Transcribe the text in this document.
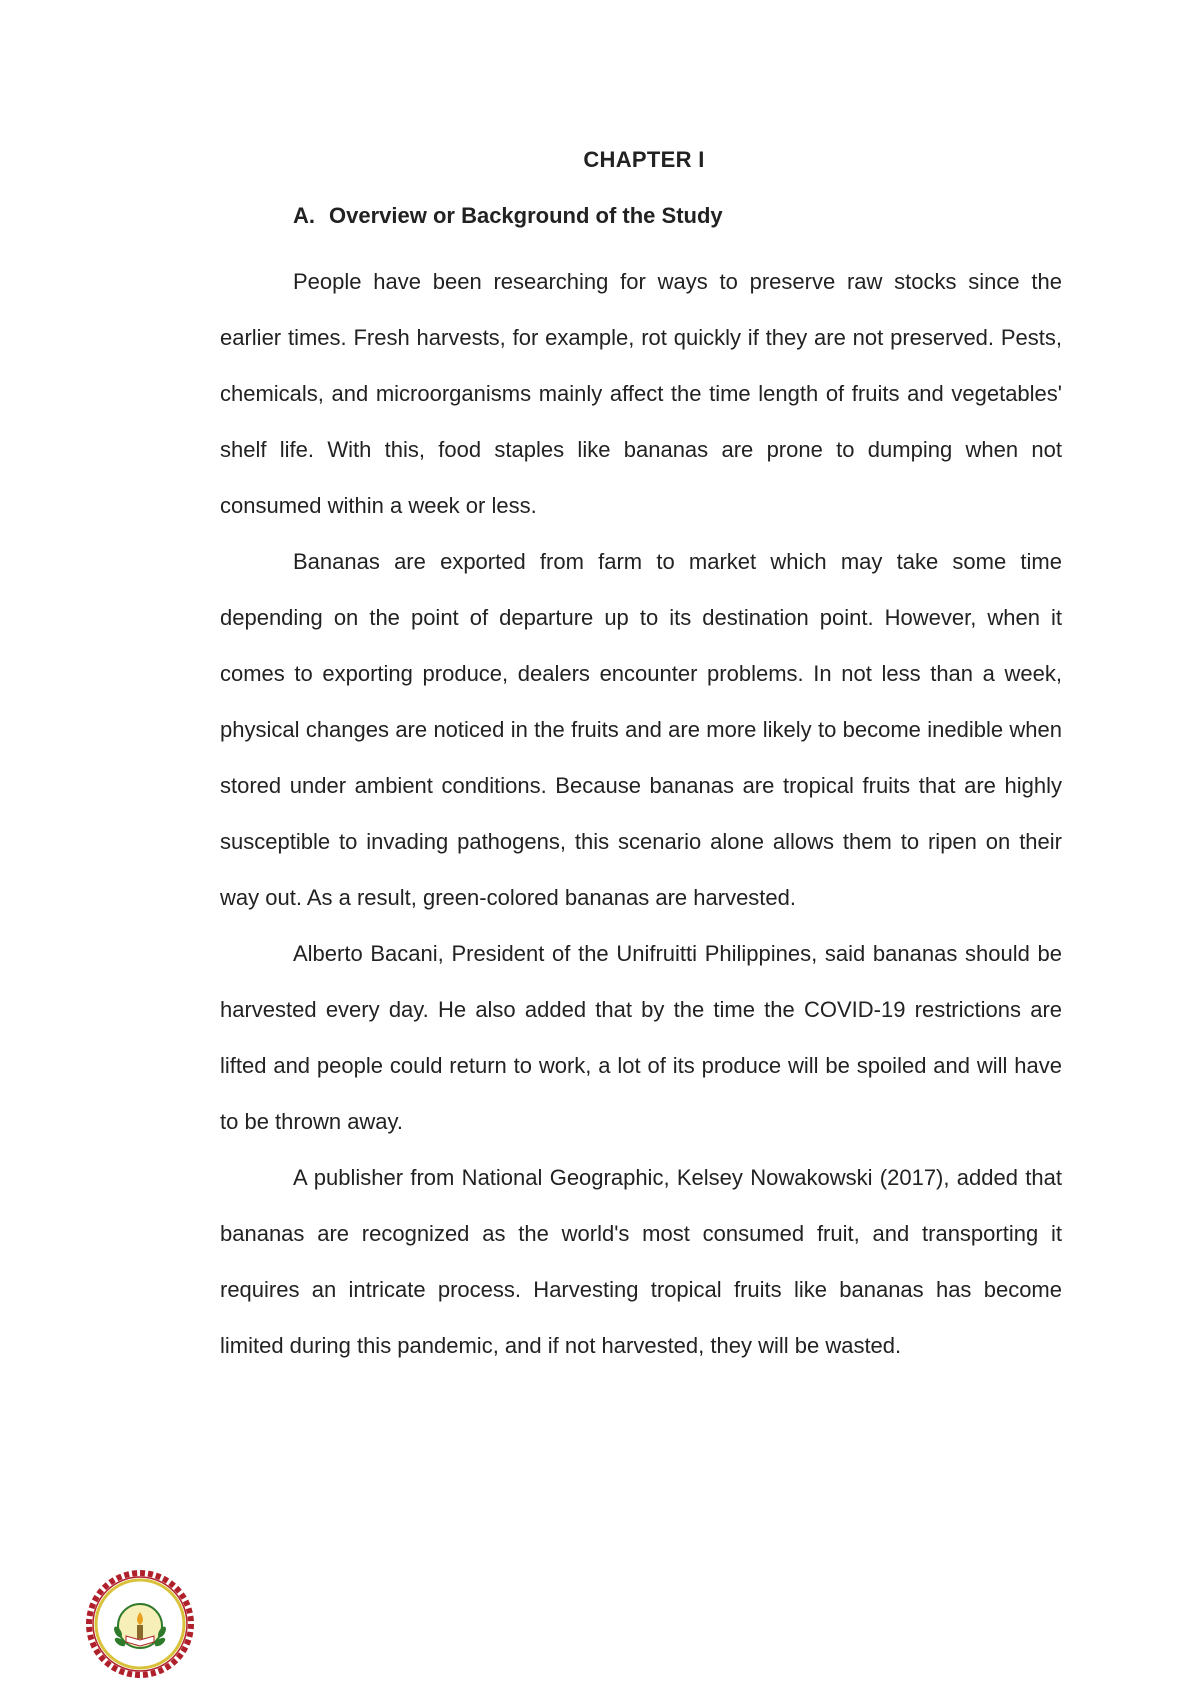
CHAPTER I
A. Overview or Background of the Study

People have been researching for ways to preserve raw stocks since the earlier times. Fresh harvests, for example, rot quickly if they are not preserved. Pests, chemicals, and microorganisms mainly affect the time length of fruits and vegetables' shelf life. With this, food staples like bananas are prone to dumping when not consumed within a week or less.

Bananas are exported from farm to market which may take some time depending on the point of departure up to its destination point. However, when it comes to exporting produce, dealers encounter problems. In not less than a week, physical changes are noticed in the fruits and are more likely to become inedible when stored under ambient conditions. Because bananas are tropical fruits that are highly susceptible to invading pathogens, this scenario alone allows them to ripen on their way out. As a result, green-colored bananas are harvested.

Alberto Bacani, President of the Unifruitti Philippines, said bananas should be harvested every day. He also added that by the time the COVID-19 restrictions are lifted and people could return to work, a lot of its produce will be spoiled and will have to be thrown away.

A publisher from National Geographic, Kelsey Nowakowski (2017), added that bananas are recognized as the world's most consumed fruit, and transporting it requires an intricate process. Harvesting tropical fruits like bananas has become limited during this pandemic, and if not harvested, they will be wasted.
